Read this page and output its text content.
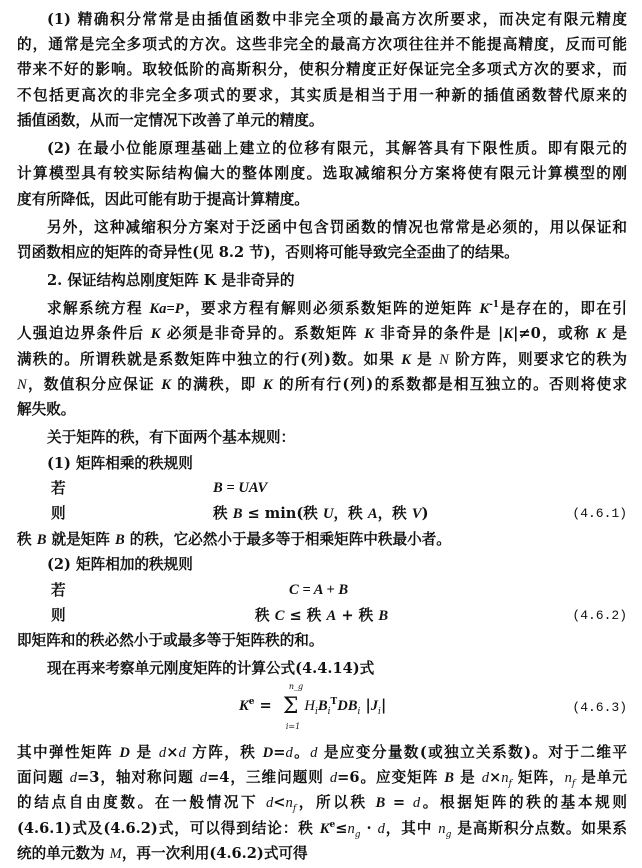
(1) 精确积分常常是由插值函数中非完全项的最高方次所要求，而决定有限元精度
的，通常是完全多项式的方次。这些非完全的最高方次项往往并不能提高精度，反而可能
带来不好的影响。取较低阶的高斯积分，使积分精度正好保证完全多项式方次的要求，而
不包括更高次的非完全多项式的要求，其实质是相当于用一种新的插值函数替代原来的
插值函数，从而一定情况下改善了单元的精度。
(2) 在最小位能原理基础上建立的位移有限元，其解答具有下限性质。即有限元的
计算模型具有较实际结构偏大的整体刚度。选取减缩积分方案将使有限元计算模型的刚
度有所降低，因此可能有助于提高计算精度。
另外，这种减缩积分方案对于泛函中包含罚函数的情况也常常是必须的，用以保证和
罚函数相应的矩阵的奇异性(见 8.2 节)，否则将可能导致完全歪曲了的结果。
2. 保证结构总刚度矩阵 K 是非奇异的
求解系统方程 Ka=P，要求方程有解则必须系数矩阵的逆矩阵 $K^{-1}$是存在的，即在引
人强迫边界条件后 K 必须是非奇异的。系数矩阵 K 非奇异的条件是 |K|≠0，或称 K 是
满秩的。所谓秩就是系数矩阵中独立的行(列)数。如果 K 是 N 阶方阵，则要求它的秩为
N，数值积分应保证 K 的满秩，即 K 的所有行(列)的系数都是相互独立的。否则将使求
解失败。
关于矩阵的秩，有下面两个基本规则：
(1) 矩阵相乘的秩规则
若	B = UAV
则	秩 B ≤ min(秩 U，秩 A，秩 V)	(4.6.1)
秩 B 就是矩阵 B 的秩，它必然小于最多等于相乘矩阵中秩最小者。
(2) 矩阵相加的秩规则
若	C = A + B
则	秩 C ≤ 秩 A + 秩 B	(4.6.2)
即矩阵和的秩必然小于或最多等于矩阵秩的和。
现在再来考察单元刚度矩阵的计算公式(4.4.14)式
$K^e = \Sigma$
n_g
i=1
$H_iB_i^TDB_i$ $|J_i|$	(4.6.3)
其中弹性矩阵 D 是 d×d 方阵，秩 D=d。d 是应变分量数(或独立关系数)。对于二维平
面问题 d=3，轴对称问题 d=4，三维问题则 d=6。应变矩阵 B 是 $d\times n_f$ 矩阵，$n_f$ 是单元
的结点自由度数。在一般情况下 $d<n_f$，所以秩 B = d。根据矩阵的秩的基本规则
(4.6.1)式及(4.6.2)式，可以得到结论：秩 $K^e\le n_g \cdot d$，其中 $n_g$ 是高斯积分点数。如果系
统的单元数为 M，再一次利用(4.6.2)式可得
